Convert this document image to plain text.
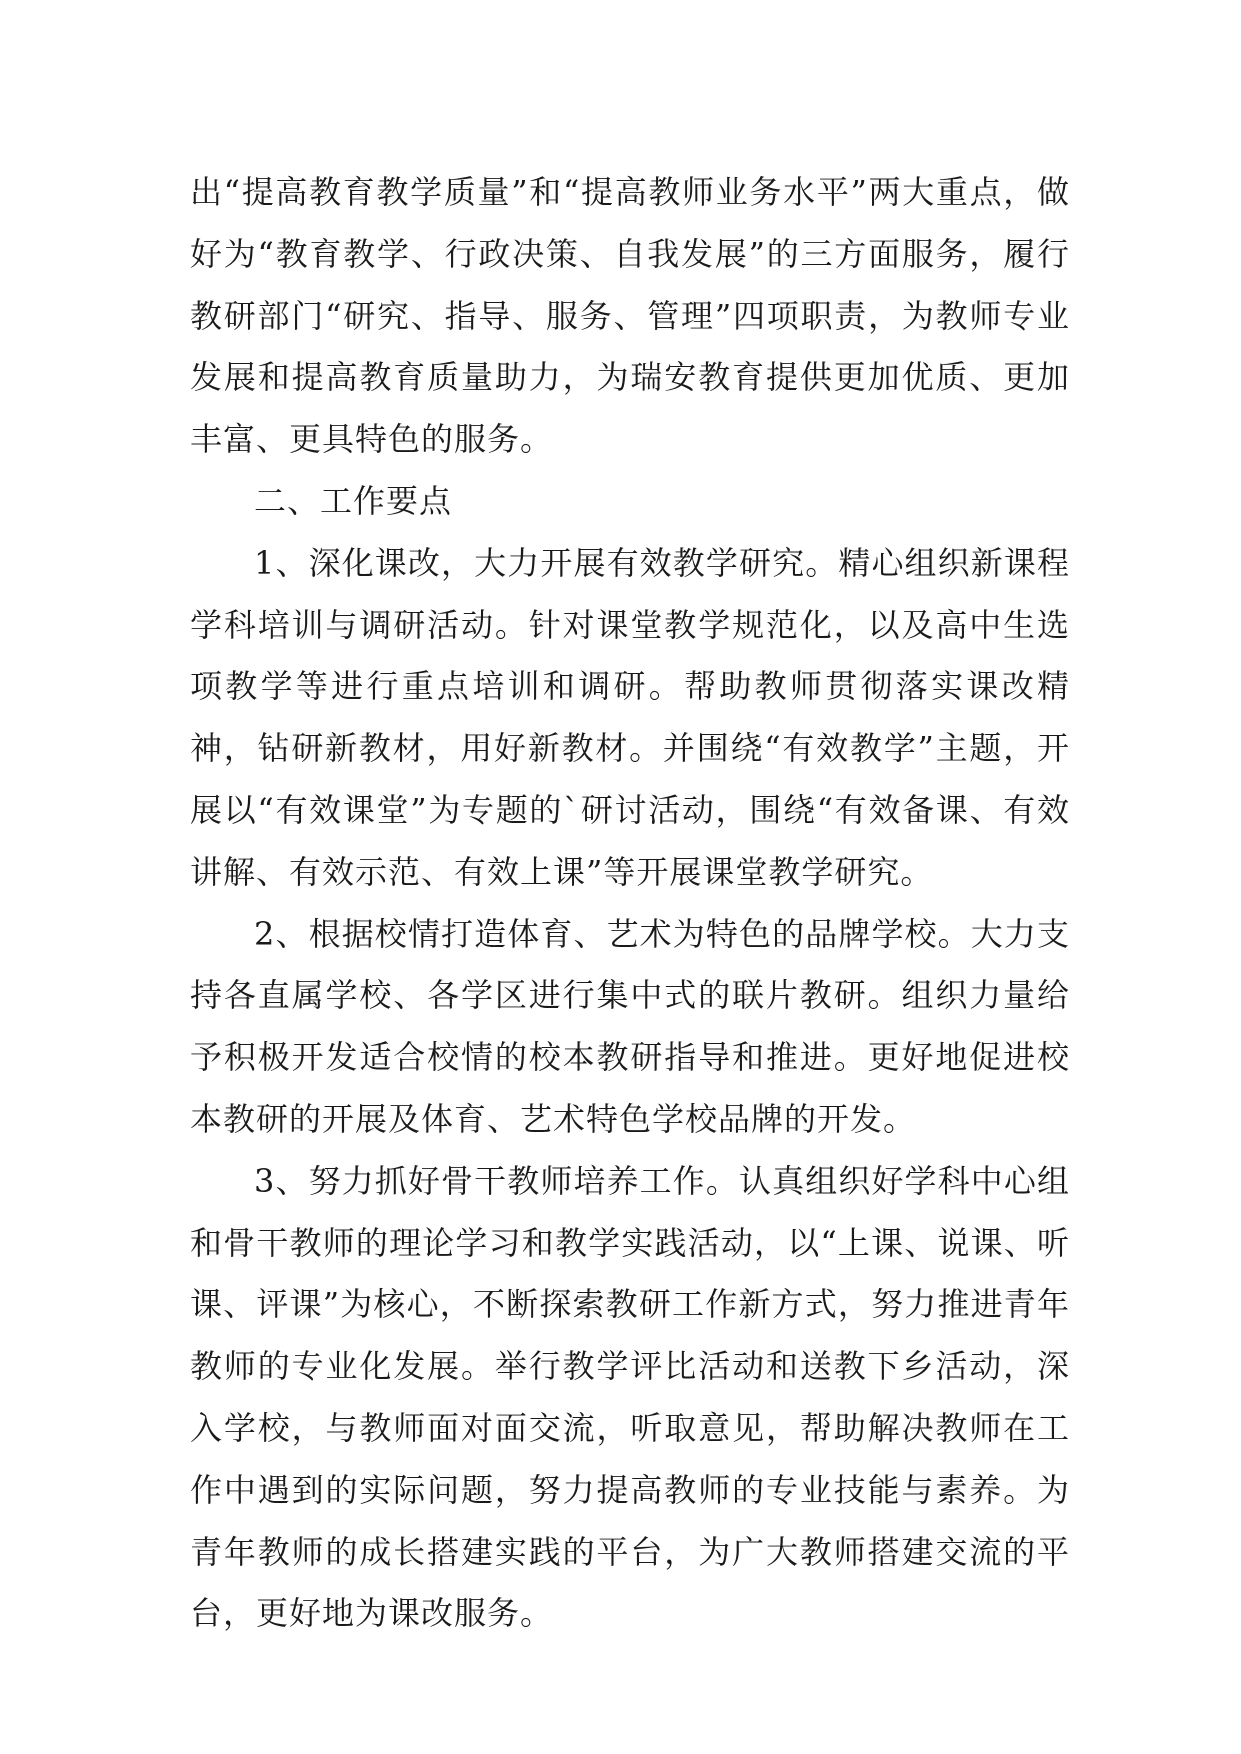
出“提高教育教学质量”和“提高教师业务水平”两大重点，做好为“教育教学、行政决策、自我发展”的三方面服务，履行教研部门“研究、指导、服务、管理”四项职责，为教师专业发展和提高教育质量助力，为瑞安教育提供更加优质、更加丰富、更具特色的服务。

二、工作要点

1、深化课改，大力开展有效教学研究。精心组织新课程学科培训与调研活动。针对课堂教学规范化，以及高中生选项教学等进行重点培训和调研。帮助教师贯彻落实课改精神，钻研新教材，用好新教材。并围绕“有效教学”主题，开展以“有效课堂”为专题的`研讨活动，围绕“有效备课、有效讲解、有效示范、有效上课”等开展课堂教学研究。

2、根据校情打造体育、艺术为特色的品牌学校。大力支持各直属学校、各学区进行集中式的联片教研。组织力量给予积极开发适合校情的校本教研指导和推进。更好地促进校本教研的开展及体育、艺术特色学校品牌的开发。

3、努力抓好骨干教师培养工作。认真组织好学科中心组和骨干教师的理论学习和教学实践活动，以“上课、说课、听课、评课”为核心，不断探索教研工作新方式，努力推进青年教师的专业化发展。举行教学评比活动和送教下乡活动，深入学校，与教师面对面交流，听取意见，帮助解决教师在工作中遇到的实际问题，努力提高教师的专业技能与素养。为青年教师的成长搭建实践的平台，为广大教师搭建交流的平台，更好地为课改服务。
